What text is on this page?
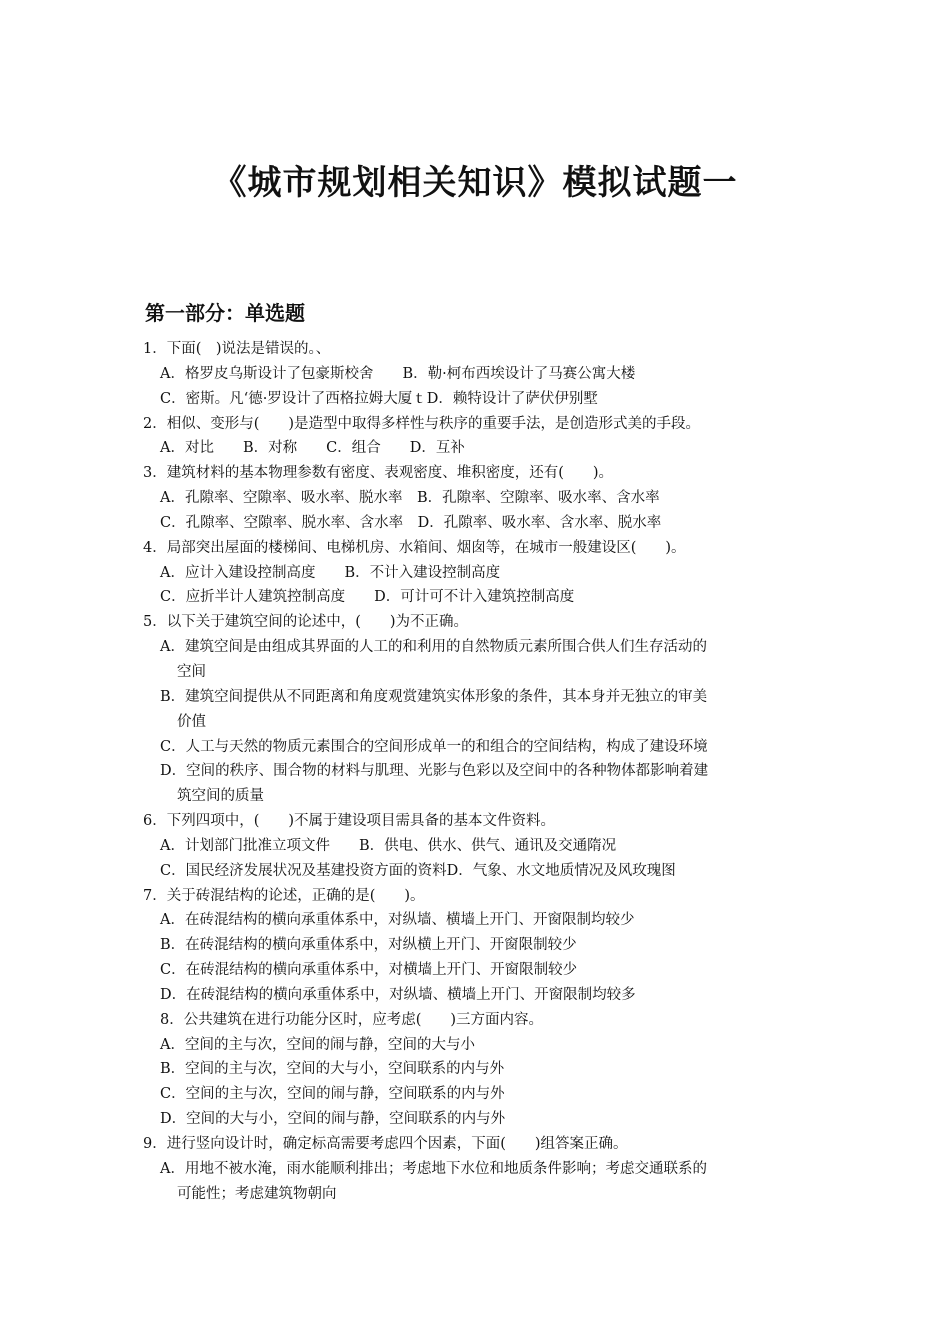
《城市规划相关知识》模拟试题一
第一部分：单选题
1．下面(　)说法是错误的。、
A．格罗皮乌斯设计了包豪斯校舍　　B．勒·柯布西埃设计了马赛公寓大楼
C．密斯。凡‘德·罗设计了西格拉姆大厦ｔD．赖特设计了萨伏伊别墅
2．相似、变形与(　　)是造型中取得多样性与秩序的重要手法，是创造形式美的手段。
A．对比　　B．对称　　C．组合　　D．互补
3．建筑材料的基本物理参数有密度、表观密度、堆积密度，还有(　　)。
A．孔隙率、空隙率、吸水率、脱水率　B．孔隙率、空隙率、吸水率、含水率
C．孔隙率、空隙率、脱水率、含水率　D．孔隙率、吸水率、含水率、脱水率
4．局部突出屋面的楼梯间、电梯机房、水箱间、烟囱等，在城市一般建设区(　　)。
A．应计入建设控制高度　　B．不计入建设控制高度
C．应折半计人建筑控制高度　　D．可计可不计入建筑控制高度
5．以下关于建筑空间的论述中，(　　)为不正确。
A．建筑空间是由组成其界面的人工的和利用的自然物质元素所围合供人们生存活动的
空间
B．建筑空间提供从不同距离和角度观赏建筑实体形象的条件，其本身并无独立的审美
价值
C．人工与天然的物质元素围合的空间形成单一的和组合的空间结构，构成了建设环境
D．空间的秩序、围合物的材料与肌理、光影与色彩以及空间中的各种物体都影响着建
筑空间的质量
6．下列四项中，(　　)不属于建设项目需具备的基本文件资料。
A．计划部门批准立项文件　　B．供电、供水、供气、通讯及交通隋况
C．国民经济发展状况及基建投资方面的资料D．气象、水文地质情况及风玫瑰图
7．关于砖混结构的论述，正确的是(　　)。
A．在砖混结构的横向承重体系中，对纵墙、横墙上开门、开窗限制均较少
B．在砖混结构的横向承重体系中，对纵横上开门、开窗限制较少
C．在砖混结构的横向承重体系中，对横墙上开门、开窗限制较少
D．在砖混结构的横向承重体系中，对纵墙、横墙上开门、开窗限制均较多
8．公共建筑在进行功能分区时，应考虑(　　)三方面内容。
A．空间的主与次，空间的闹与静，空间的大与小
B．空间的主与次，空间的大与小，空间联系的内与外
C．空间的主与次，空间的闹与静，空间联系的内与外
D．空间的大与小，空间的闹与静，空间联系的内与外
9．进行竖向设计时，确定标高需要考虑四个因素，下面(　　)组答案正确。
A．用地不被水淹，雨水能顺利排出；考虑地下水位和地质条件影响；考虑交通联系的
可能性；考虑建筑物朝向
